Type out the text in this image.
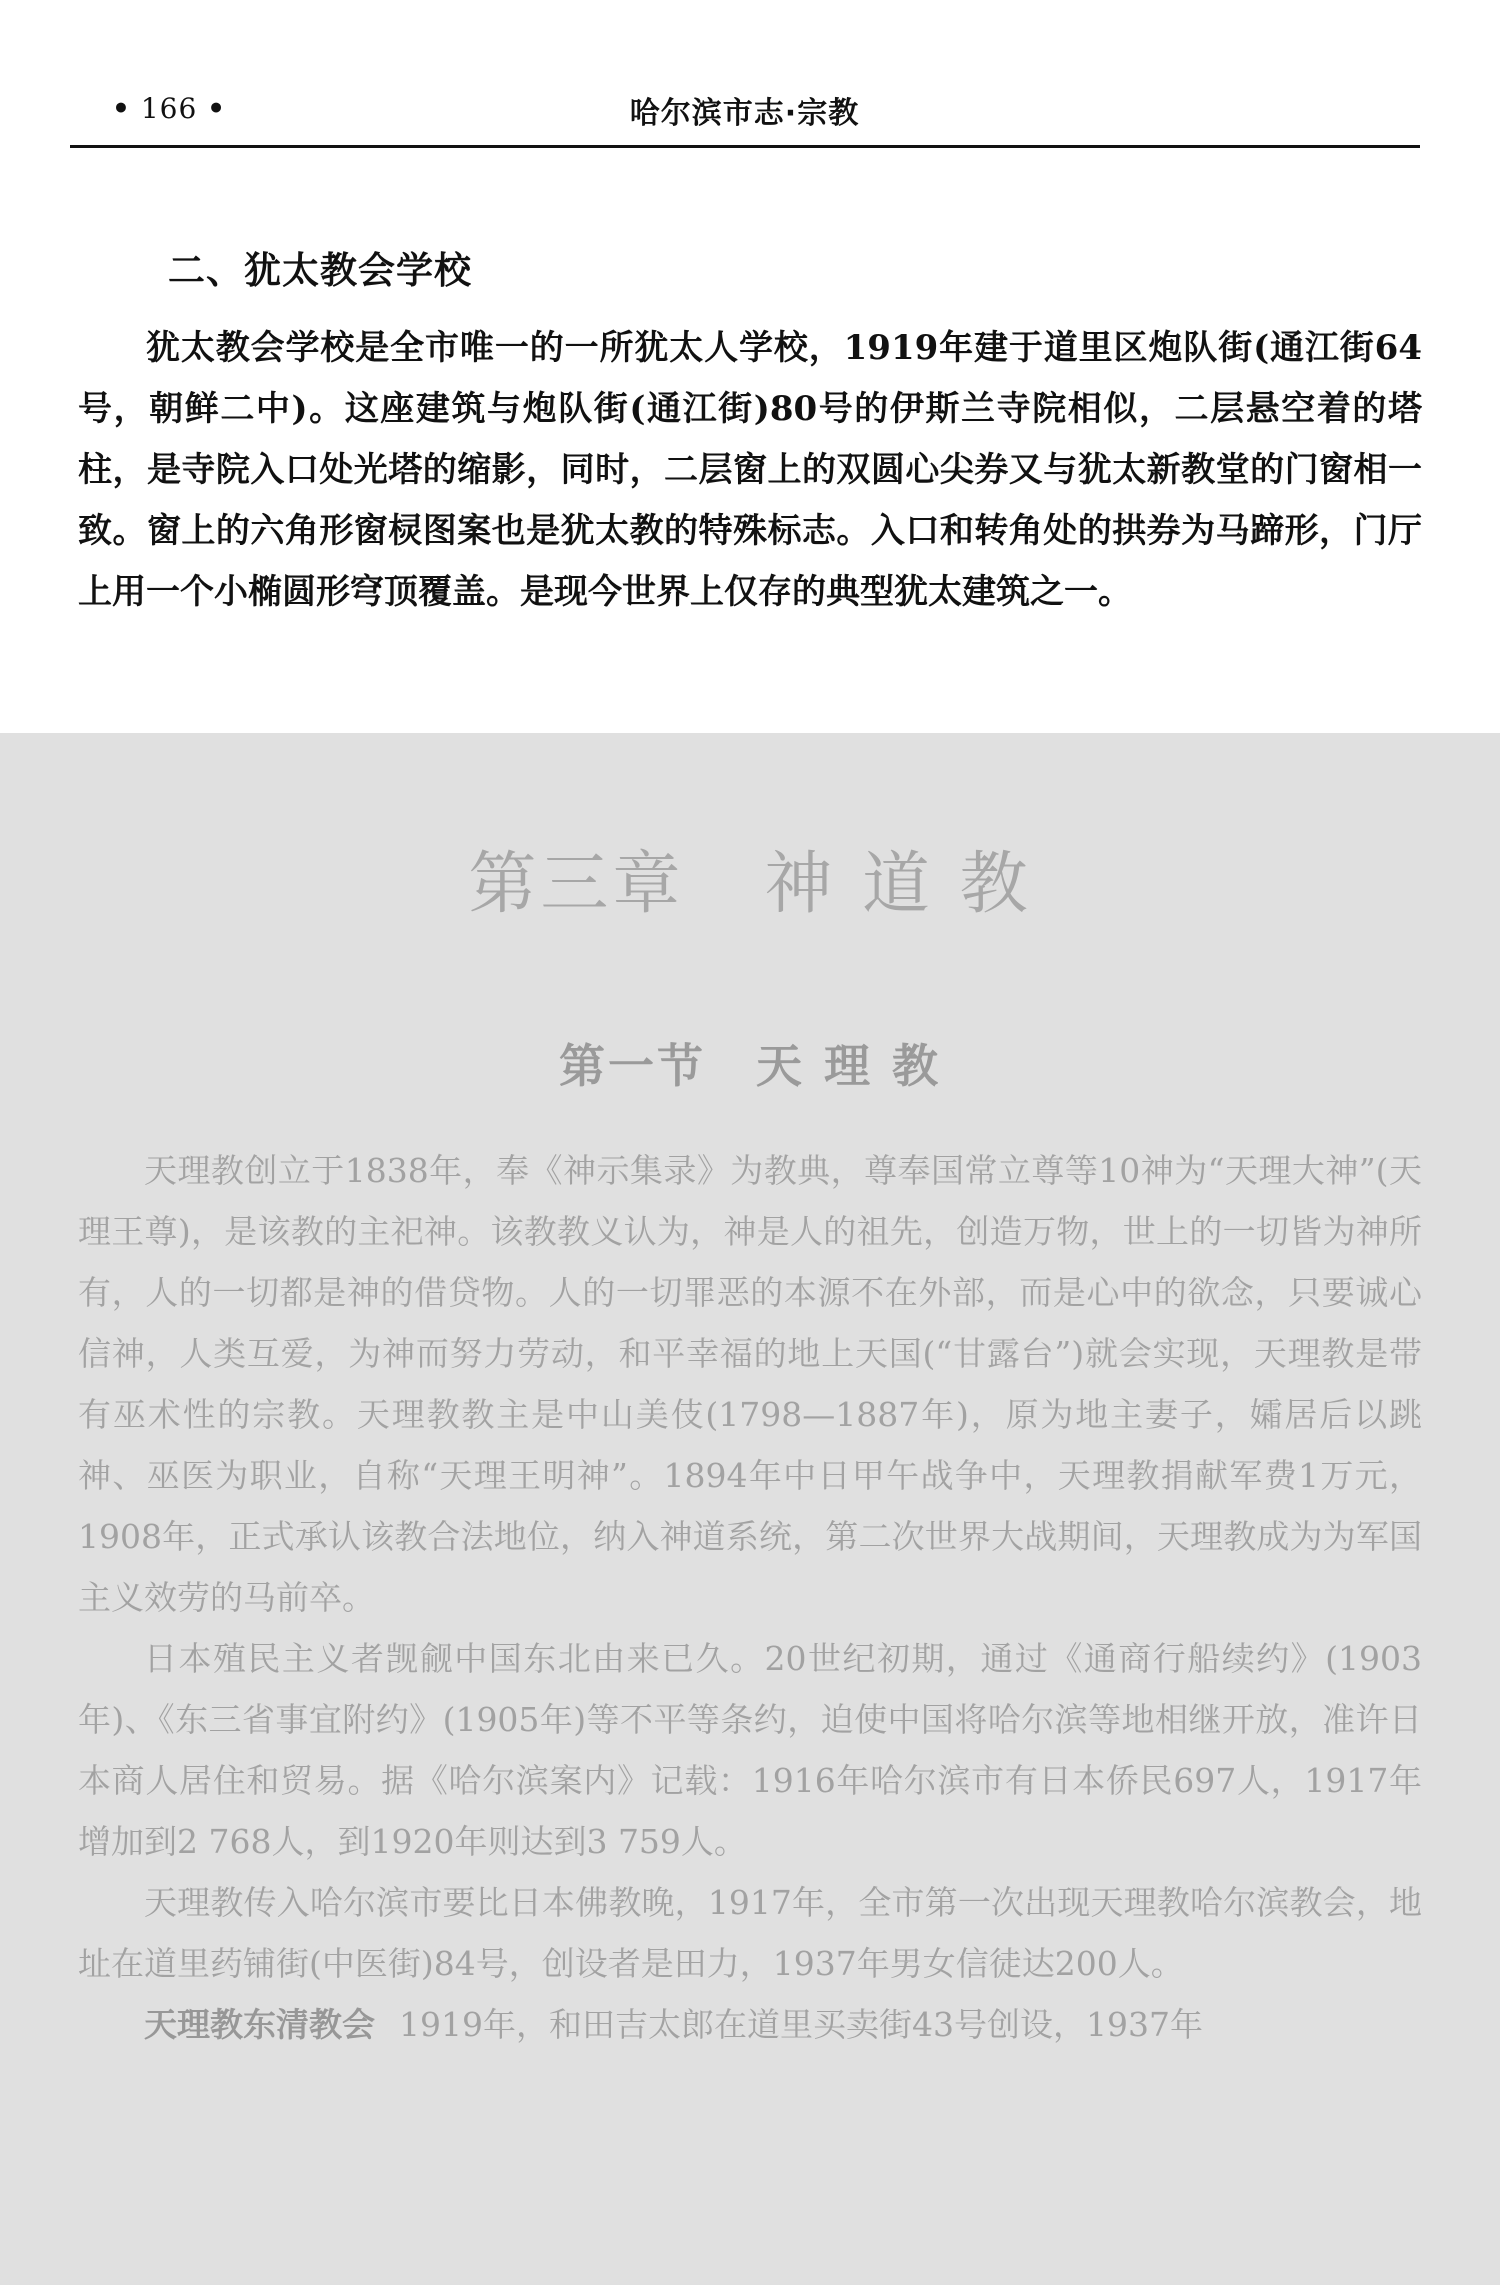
• 166 •	哈尔滨市志·宗教
二、犹太教会学校
犹太教会学校是全市唯一的一所犹太人学校，1919年建于道里区炮队街(通江街64号，朝鲜二中)。这座建筑与炮队街(通江街)80号的伊斯兰寺院相似，二层悬空着的塔柱，是寺院入口处光塔的缩影，同时，二层窗上的双圆心尖券又与犹太新教堂的门窗相一致。窗上的六角形窗棂图案也是犹太教的特殊标志。入口和转角处的拱券为马蹄形，门厅上用一个小椭圆形穹顶覆盖。是现今世界上仅存的典型犹太建筑之一。
第三章 神 道 教
第一节 天 理 教

天理教创立于1838年，奉《神示集录》为教典，尊奉国常立尊等10神为“天理大神”(天理王尊)，是该教的主祀神。该教教义认为，神是人的祖先，创造万物，世上的一切皆为神所有，人的一切都是神的借贷物。人的一切罪恶的本源不在外部，而是心中的欲念，只要诚心信神，人类互爱，为神而努力劳动，和平幸福的地上天国(“甘露台”)就会实现，天理教是带有巫术性的宗教。天理教教主是中山美伎(1798—1887年)，原为地主妻子，孀居后以跳神、巫医为职业，自称“天理王明神”。1894年中日甲午战争中，天理教捐献军费1万元，1908年，正式承认该教合法地位，纳入神道系统，第二次世界大战期间，天理教成为为军国主义效劳的马前卒。

日本殖民主义者觊觎中国东北由来已久。20世纪初期，通过《通商行船续约》(1903年)、《东三省事宜附约》(1905年)等不平等条约，迫使中国将哈尔滨等地相继开放，准许日本商人居住和贸易。据《哈尔滨案内》记载：1916年哈尔滨市有日本侨民697人，1917年增加到2 768人，到1920年则达到3 759人。

天理教传入哈尔滨市要比日本佛教晚，1917年，全市第一次出现天理教哈尔滨教会，地址在道里药铺街(中医街)84号，创设者是田力，1937年男女信徒达200人。

天理教东清教会 1919年，和田吉太郎在道里买卖街43号创设，1937年
